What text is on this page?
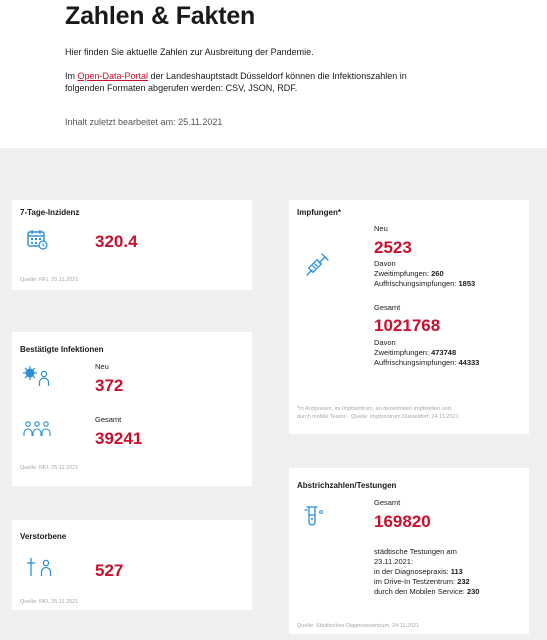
Zahlen & Fakten
Hier finden Sie aktuelle Zahlen zur Ausbreitung der Pandemie.
Im Open-Data-Portal der Landeshauptstadt Düsseldorf können die Infektionszahlen in
folgenden Formaten abgerufen werden: CSV, JSON, RDF.
Inhalt zuletzt bearbeitet am: 25.11.2021
7-Tage-Inzidenz
320.4
Quelle: RKI, 25.11.2021
Bestätigte Infektionen
Neu
372
Gesamt
39241
Quelle: RKI, 25.11.2021
Verstorbene
527
Quelle: RKI, 25.11.2021
Impfungen*
Neu
2523
Davon
Zweitimpfungen: 260
Auffrischungsimpfungen: 1853
Gesamt
1021768
Davon
Zweitimpfungen: 473748
Auffrischungsimpfungen: 44333
*In Arztpraxen, im Impfzentrum, an dezentralen Impfstellen und
durch mobile Teams · Quelle: Impfzentrum Düsseldorf, 24.11.2021
Abstrichzahlen/Testungen
Gesamt
169820
städtische Testungen am
23.11.2021:
in der Diagnosepraxis: 113
im Drive-In Testzentrum: 232
durch den Mobilen Service: 230
Quelle: Städtisches Diagnosezentrum, 24.11.2021
